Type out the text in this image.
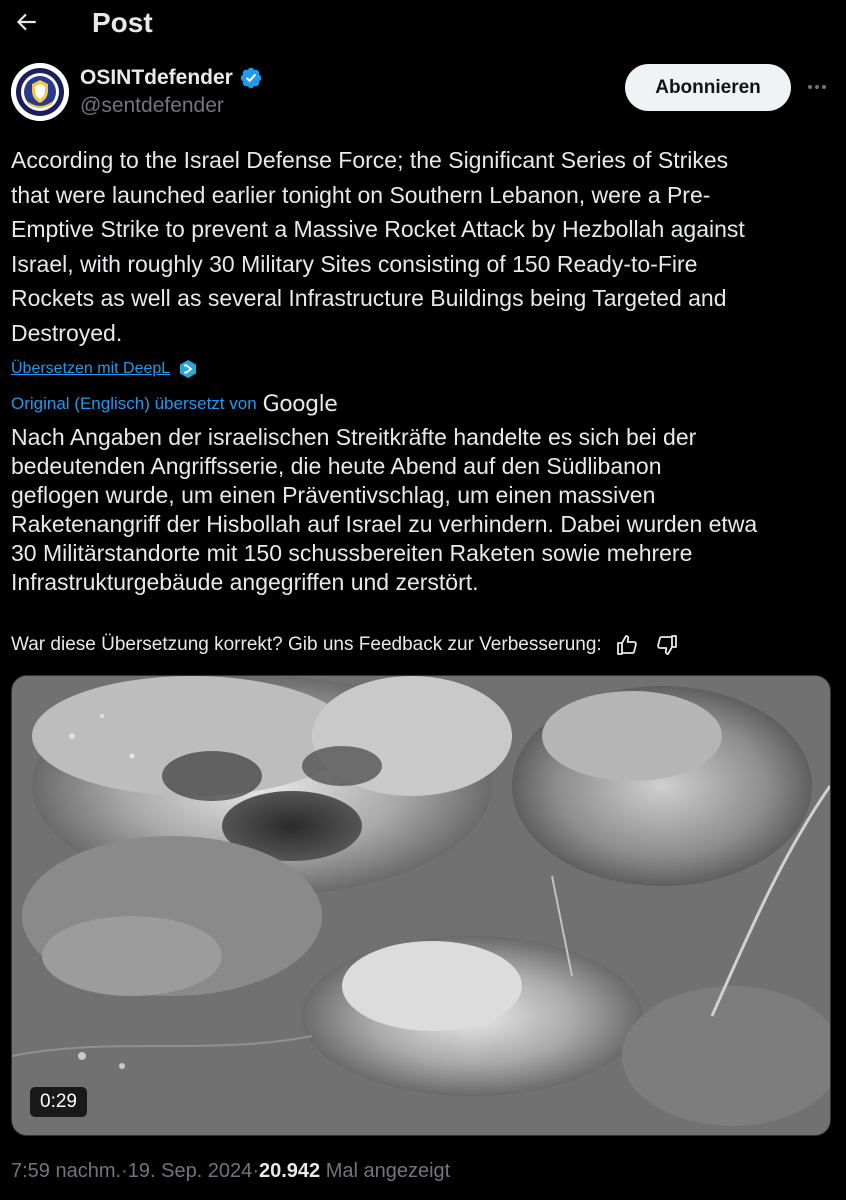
Post
OSINTdefender
@sentdefender
Abonnieren
According to the Israel Defense Force; the Significant Series of Strikes
that were launched earlier tonight on Southern Lebanon, were a Pre-
Emptive Strike to prevent a Massive Rocket Attack by Hezbollah against
Israel, with roughly 30 Military Sites consisting of 150 Ready-to-Fire
Rockets as well as several Infrastructure Buildings being Targeted and
Destroyed.
Übersetzen mit DeepL
Original (Englisch) übersetzt von Google
Nach Angaben der israelischen Streitkräfte handelte es sich bei der
bedeutenden Angriffsserie, die heute Abend auf den Südlibanon
geflogen wurde, um einen Präventivschlag, um einen massiven
Raketenangriff der Hisbollah auf Israel zu verhindern. Dabei wurden etwa
30 Militärstandorte mit 150 schussbereiten Raketen sowie mehrere
Infrastrukturgebäude angegriffen und zerstört.
War diese Übersetzung korrekt? Gib uns Feedback zur Verbesserung:
0:29
7:59 nachm. · 19. Sep. 2024 · 20.942 Mal angezeigt
